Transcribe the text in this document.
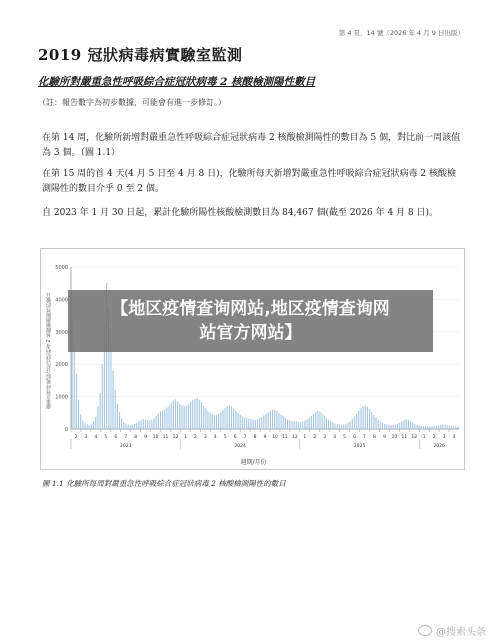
第 4 頁，14 號（2026 年 4 月 9 日出版）
2019 冠狀病毒病實驗室監測
化驗所對嚴重急性呼吸綜合症冠狀病毒 2 核酸檢測陽性數目
（註：報告數字為初步數據，可能會有進一步修訂。）
在第 14 周，化驗所新增對嚴重急性呼吸綜合症冠狀病毒 2 核酸檢測陽性的數目為 5 個，對比前一周該值為 3 個。（圖 1.1）
在第 15 周的首 4 天(4 月 5 日至 4 月 8 日)，化驗所每天新增對嚴重急性呼吸綜合症冠狀病毒 2 核酸檢測陽性的數目介乎 0 至 2 個。
自 2023 年 1 月 30 日起，累計化驗所陽性核酸檢測數目為 84,467 個(截至 2026 年 4 月 8 日)。
嚴重急性呼吸綜合症冠狀病毒 2 核酸檢測陽性的數目
0
1000
2000
3000
4000
5000
2 3 4 5 6 7 8 9 10 11 12 1 2 3 4 5 6 7 8 9 10 11 12 1 2 3 4 5 6 7 8 9 10 11 12 1 2 3 4
2023	2024	2025	2026
週期/月份
圖 1.1 化驗所每周對嚴重急性呼吸綜合症冠狀病毒 2 核酸檢測陽性的數目
【地区疫情查询网站,地区疫情查询网
站官方网站】
@搜索头条
